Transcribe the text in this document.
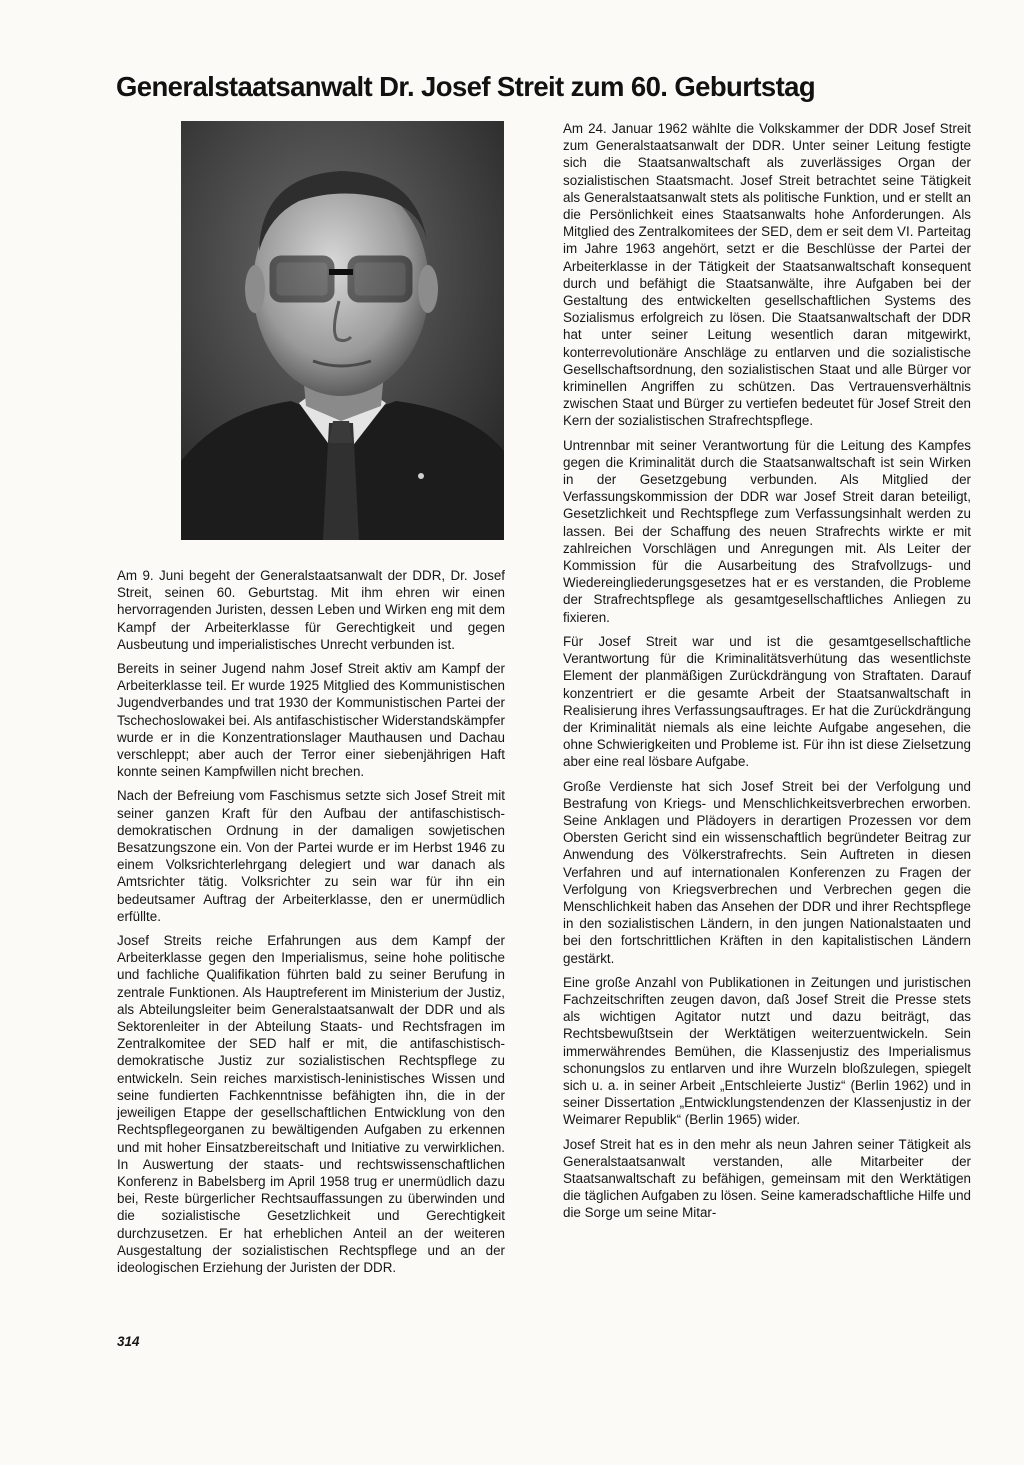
Generalstaatsanwalt Dr. Josef Streit zum 60. Geburtstag

Am 9. Juni begeht der Generalstaatsanwalt der DDR, Dr. Josef Streit, seinen 60. Geburtstag. Mit ihm ehren wir einen hervorragenden Juristen, dessen Leben und Wirken eng mit dem Kampf der Arbeiterklasse für Gerechtigkeit und gegen Ausbeutung und imperialistisches Unrecht verbunden ist.

Bereits in seiner Jugend nahm Josef Streit aktiv am Kampf der Arbeiterklasse teil. Er wurde 1925 Mitglied des Kommunistischen Jugendverbandes und trat 1930 der Kommunistischen Partei der Tschechoslowakei bei. Als antifaschistischer Widerstandskämpfer wurde er in die Konzentrationslager Mauthausen und Dachau verschleppt; aber auch der Terror einer siebenjährigen Haft konnte seinen Kampfwillen nicht brechen.

Nach der Befreiung vom Faschismus setzte sich Josef Streit mit seiner ganzen Kraft für den Aufbau der antifaschistisch-demokratischen Ordnung in der damaligen sowjetischen Besatzungszone ein. Von der Partei wurde er im Herbst 1946 zu einem Volksrichterlehrgang delegiert und war danach als Amtsrichter tätig. Volksrichter zu sein war für ihn ein bedeutsamer Auftrag der Arbeiterklasse, den er unermüdlich erfüllte.

Josef Streits reiche Erfahrungen aus dem Kampf der Arbeiterklasse gegen den Imperialismus, seine hohe politische und fachliche Qualifikation führten bald zu seiner Berufung in zentrale Funktionen. Als Hauptreferent im Ministerium der Justiz, als Abteilungsleiter beim Generalstaatsanwalt der DDR und als Sektorenleiter in der Abteilung Staats- und Rechtsfragen im Zentralkomitee der SED half er mit, die antifaschistisch-demokratische Justiz zur sozialistischen Rechtspflege zu entwickeln. Sein reiches marxistisch-leninistisches Wissen und seine fundierten Fachkenntnisse befähigten ihn, die in der jeweiligen Etappe der gesellschaftlichen Entwicklung von den Rechtspflegeorganen zu bewältigenden Aufgaben zu erkennen und mit hoher Einsatzbereitschaft und Initiative zu verwirklichen. In Auswertung der staats- und rechtswissenschaftlichen Konferenz in Babelsberg im April 1958 trug er unermüdlich dazu bei, Reste bürgerlicher Rechtsauffassungen zu überwinden und die sozialistische Gesetzlichkeit und Gerechtigkeit durchzusetzen. Er hat erheblichen Anteil an der weiteren Ausgestaltung der sozialistischen Rechtspflege und an der ideologischen Erziehung der Juristen der DDR.

Am 24. Januar 1962 wählte die Volkskammer der DDR Josef Streit zum Generalstaatsanwalt der DDR. Unter seiner Leitung festigte sich die Staatsanwaltschaft als zuverlässiges Organ der sozialistischen Staatsmacht. Josef Streit betrachtet seine Tätigkeit als Generalstaatsanwalt stets als politische Funktion, und er stellt an die Persönlichkeit eines Staatsanwalts hohe Anforderungen. Als Mitglied des Zentralkomitees der SED, dem er seit dem VI. Parteitag im Jahre 1963 angehört, setzt er die Beschlüsse der Partei der Arbeiterklasse in der Tätigkeit der Staatsanwaltschaft konsequent durch und befähigt die Staatsanwälte, ihre Aufgaben bei der Gestaltung des entwickelten gesellschaftlichen Systems des Sozialismus erfolgreich zu lösen. Die Staatsanwaltschaft der DDR hat unter seiner Leitung wesentlich daran mitgewirkt, konterrevolutionäre Anschläge zu entlarven und die sozialistische Gesellschaftsordnung, den sozialistischen Staat und alle Bürger vor kriminellen Angriffen zu schützen. Das Vertrauensverhältnis zwischen Staat und Bürger zu vertiefen bedeutet für Josef Streit den Kern der sozialistischen Strafrechtspflege.

Untrennbar mit seiner Verantwortung für die Leitung des Kampfes gegen die Kriminalität durch die Staatsanwaltschaft ist sein Wirken in der Gesetzgebung verbunden. Als Mitglied der Verfassungskommission der DDR war Josef Streit daran beteiligt, Gesetzlichkeit und Rechtspflege zum Verfassungsinhalt werden zu lassen. Bei der Schaffung des neuen Strafrechts wirkte er mit zahlreichen Vorschlägen und Anregungen mit. Als Leiter der Kommission für die Ausarbeitung des Strafvollzugs- und Wiedereingliederungsgesetzes hat er es verstanden, die Probleme der Strafrechtspflege als gesamtgesellschaftliches Anliegen zu fixieren.

Für Josef Streit war und ist die gesamtgesellschaftliche Verantwortung für die Kriminalitätsverhütung das wesentlichste Element der planmäßigen Zurückdrängung von Straftaten. Darauf konzentriert er die gesamte Arbeit der Staatsanwaltschaft in Realisierung ihres Verfassungsauftrages. Er hat die Zurückdrängung der Kriminalität niemals als eine leichte Aufgabe angesehen, die ohne Schwierigkeiten und Probleme ist. Für ihn ist diese Zielsetzung aber eine real lösbare Aufgabe.

Große Verdienste hat sich Josef Streit bei der Verfolgung und Bestrafung von Kriegs- und Menschlichkeitsverbrechen erworben. Seine Anklagen und Plädoyers in derartigen Prozessen vor dem Obersten Gericht sind ein wissenschaftlich begründeter Beitrag zur Anwendung des Völkerstrafrechts. Sein Auftreten in diesen Verfahren und auf internationalen Konferenzen zu Fragen der Verfolgung von Kriegsverbrechen und Verbrechen gegen die Menschlichkeit haben das Ansehen der DDR und ihrer Rechtspflege in den sozialistischen Ländern, in den jungen Nationalstaaten und bei den fortschrittlichen Kräften in den kapitalistischen Ländern gestärkt.

Eine große Anzahl von Publikationen in Zeitungen und juristischen Fachzeitschriften zeugen davon, daß Josef Streit die Presse stets als wichtigen Agitator nutzt und dazu beiträgt, das Rechtsbewußtsein der Werktätigen weiterzuentwickeln. Sein immerwährendes Bemühen, die Klassenjustiz des Imperialismus schonungslos zu entlarven und ihre Wurzeln bloßzulegen, spiegelt sich u. a. in seiner Arbeit „Entschleierte Justiz“ (Berlin 1962) und in seiner Dissertation „Entwicklungstendenzen der Klassenjustiz in der Weimarer Republik“ (Berlin 1965) wider.

Josef Streit hat es in den mehr als neun Jahren seiner Tätigkeit als Generalstaatsanwalt verstanden, alle Mitarbeiter der Staatsanwaltschaft zu befähigen, gemeinsam mit den Werktätigen die täglichen Aufgaben zu lösen. Seine kameradschaftliche Hilfe und die Sorge um seine Mitar-

314
